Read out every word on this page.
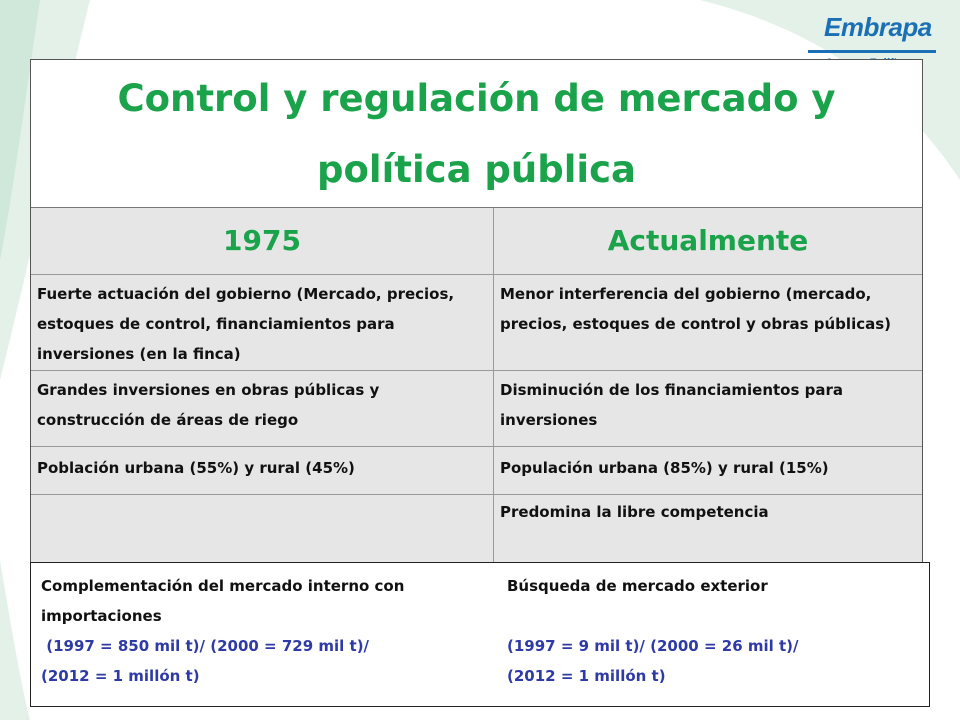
Embrapa
Control y regulación de mercado y política pública
1975	Actualmente
Fuerte actuación del gobierno (Mercado, precios, estoques de control, financiamientos para inversiones (en la finca)
Menor interferencia del gobierno (mercado, precios, estoques de control y obras públicas)
Grandes inversiones en obras públicas y construcción de áreas de riego
Disminución de los financiamientos para inversiones
Población urbana (55%) y rural (45%)	Populación urbana (85%) y rural (15%)
Predomina la libre competencia
Complementación del mercado interno con importaciones
(1997 = 850 mil t)/ (2000 = 729 mil t)/
(2012 = 1 millón t)
Búsqueda de mercado exterior
(1997 = 9 mil t)/ (2000 = 26 mil t)/
(2012 = 1 millón t)
